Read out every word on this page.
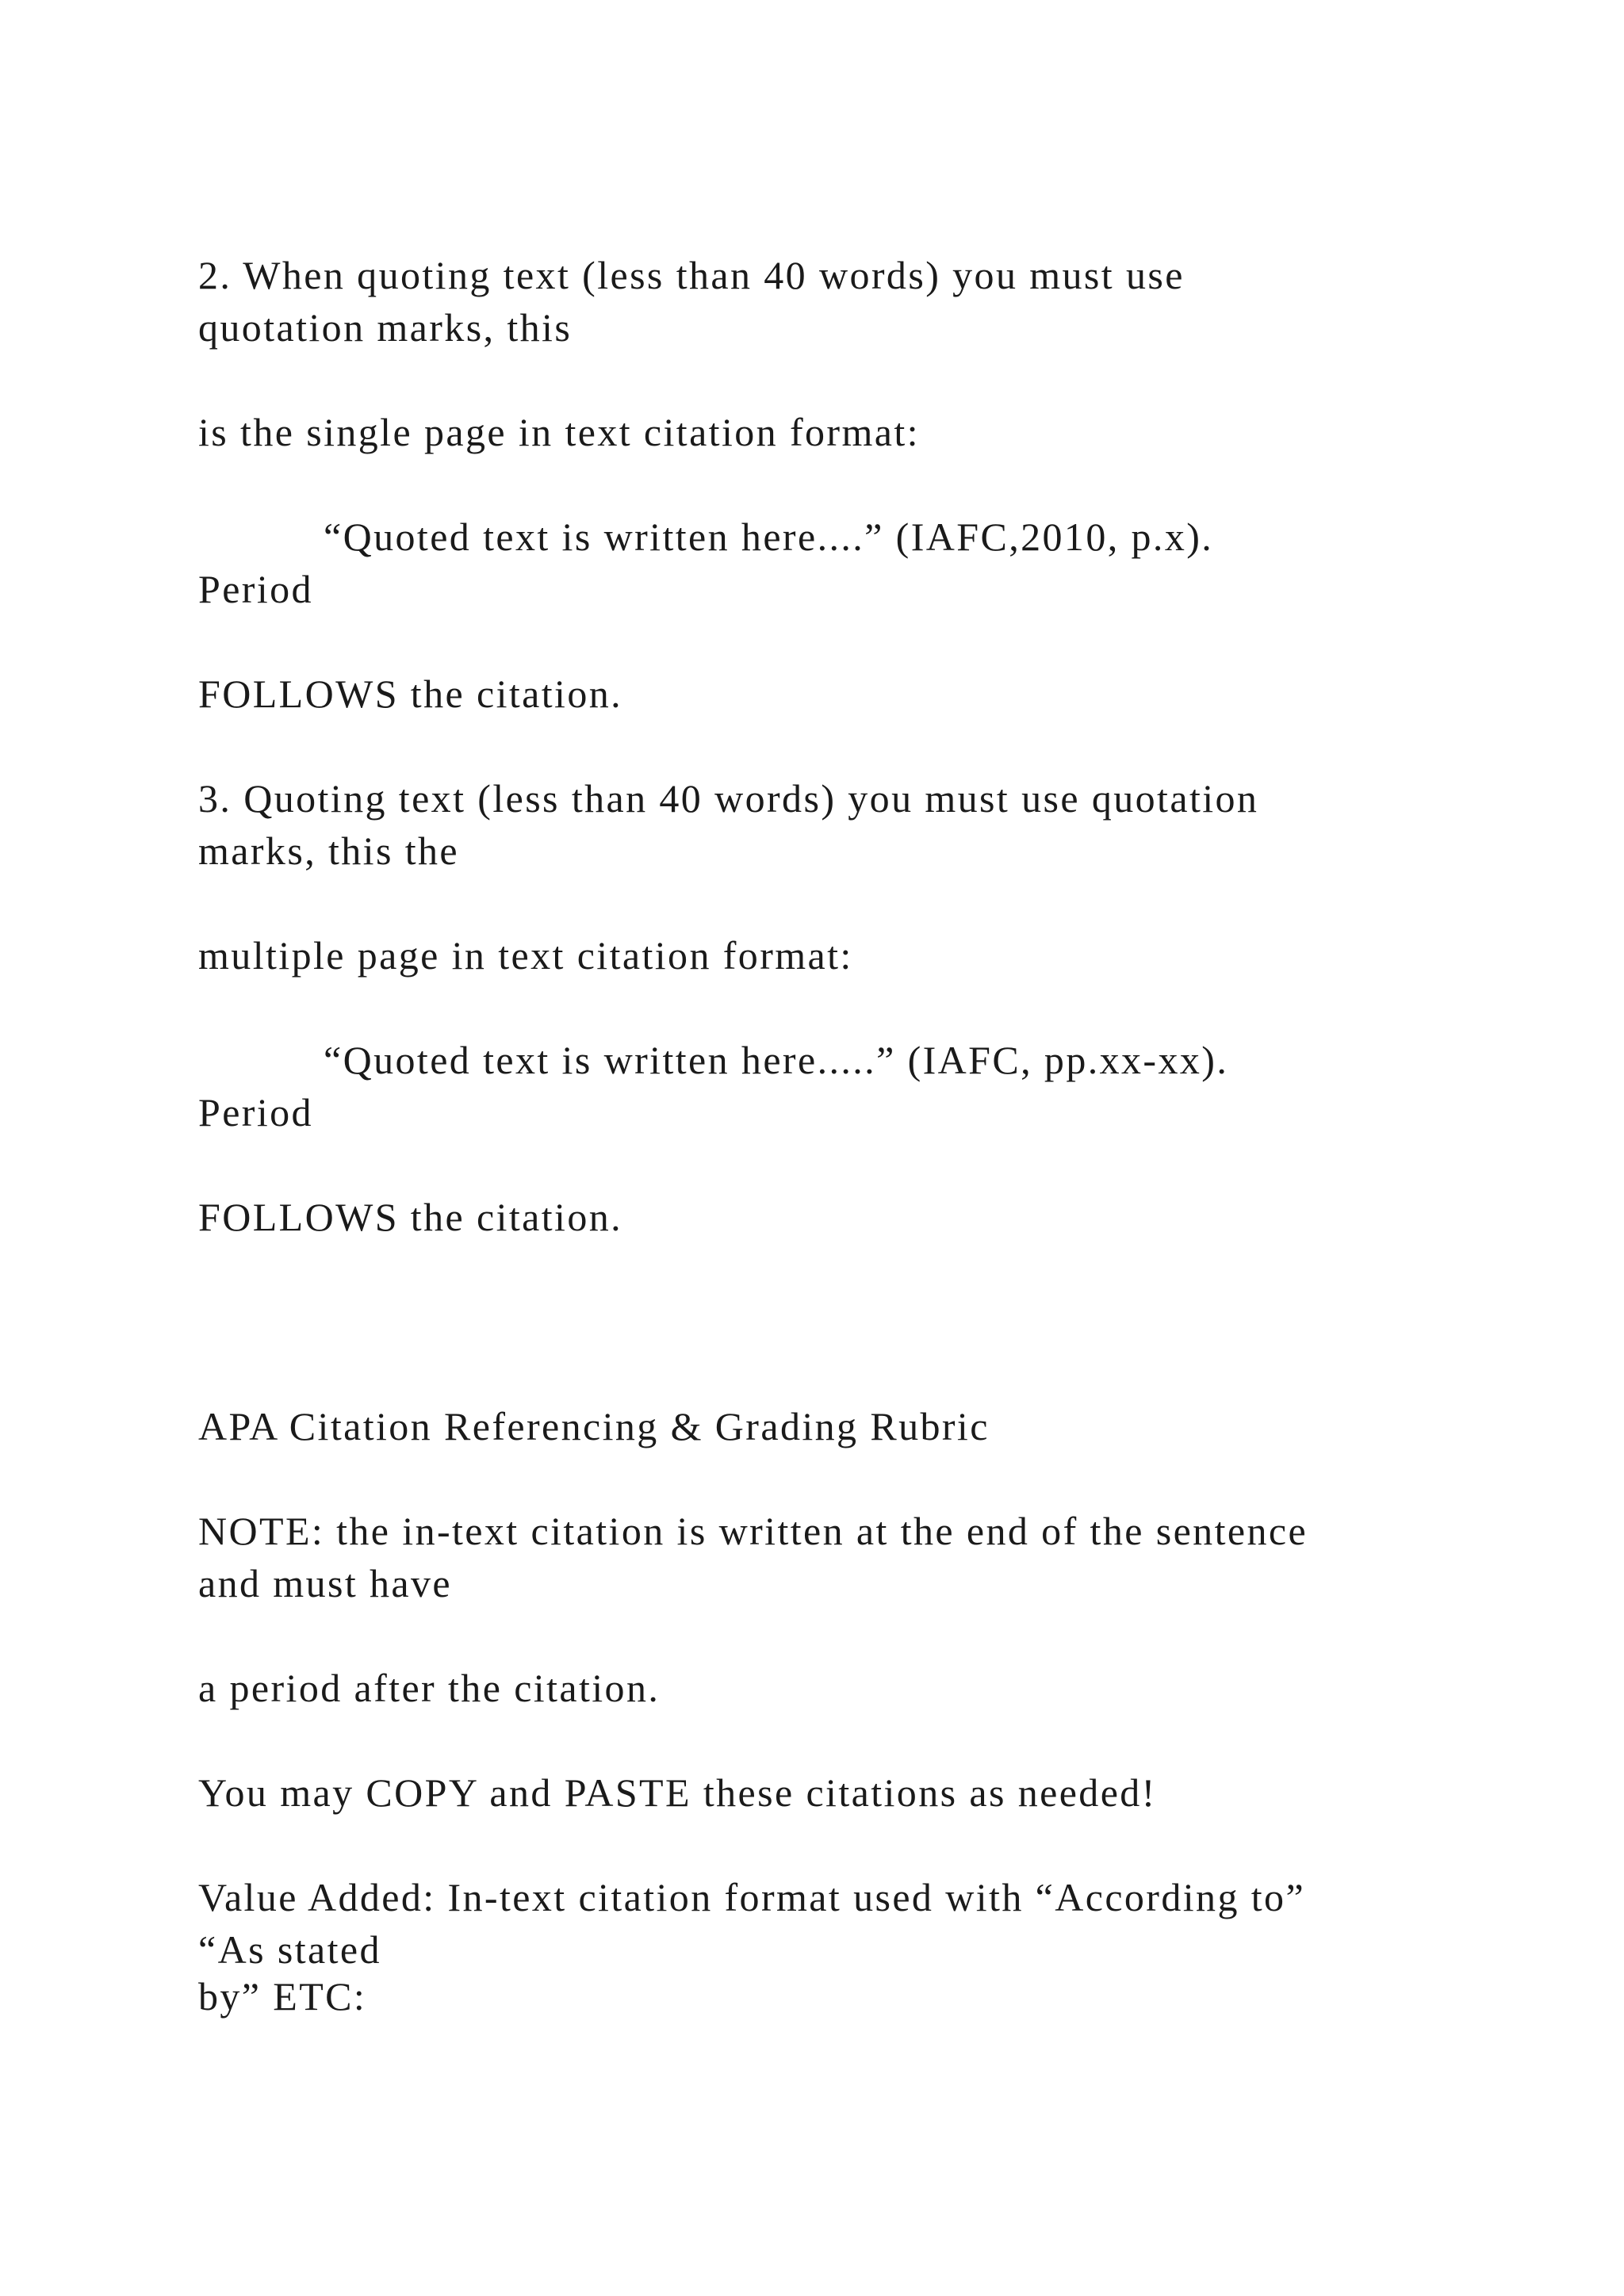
2. When quoting text (less than 40 words) you must use

quotation marks, this

is the single page in text citation format:

“Quoted text is written here....” (IAFC,2010, p.x).

Period

FOLLOWS the citation.

3. Quoting text (less than 40 words) you must use quotation

marks, this the

multiple page in text citation format:

“Quoted text is written here.....” (IAFC, pp.xx-xx).

Period

FOLLOWS the citation.

APA Citation Referencing & Grading Rubric

NOTE: the in-text citation is written at the end of the sentence

and must have

a period after the citation.

You may COPY and PASTE these citations as needed!

Value Added: In-text citation format used with “According to”

“As stated

by” ETC:
